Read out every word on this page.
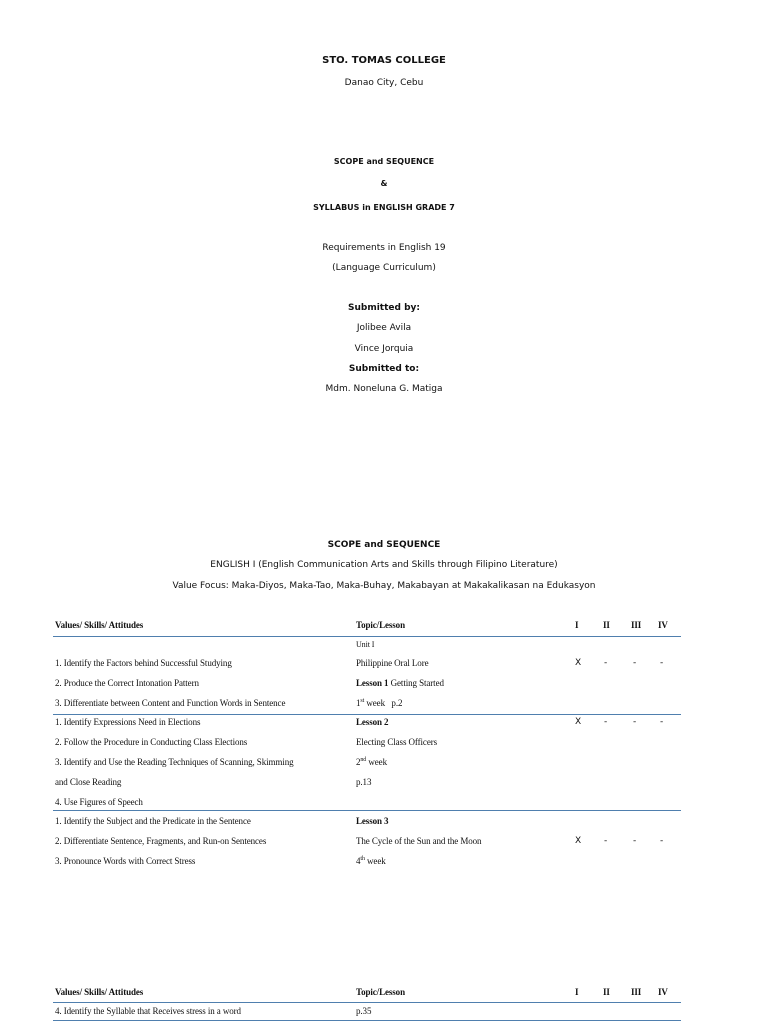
STO. TOMAS COLLEGE
Danao City, Cebu
SCOPE and SEQUENCE
&
SYLLABUS in ENGLISH GRADE 7
Requirements in English 19
(Language Curriculum)
Submitted by:
Jolibee Avila
Vince Jorquia
Submitted to:
Mdm. Noneluna G. Matiga
SCOPE and SEQUENCE
ENGLISH I (English Communication Arts and Skills through Filipino Literature)
Value Focus: Maka-Diyos, Maka-Tao, Maka-Buhay, Makabayan at Makakalikasan na Edukasyon
Values/ Skills/ Attitudes	Topic/Lesson	I	II III IV
Unit I
1. Identify the Factors behind Successful Studying	Philippine Oral Lore	X	-	-	-
2. Produce the Correct Intonation Pattern	Lesson 1 Getting Started
3. Differentiate between Content and Function Words in Sentence	1st week p.2
1. Identify Expressions Need in Elections	Lesson 2	X	-	-	-
2. Follow the Procedure in Conducting Class Elections	Electing Class Officers
3. Identify and Use the Reading Techniques of Scanning, Skimming	2nd week
and Close Reading	p.13
4. Use Figures of Speech
1. Identify the Subject and the Predicate in the Sentence	Lesson 3
2. Differentiate Sentence, Fragments, and Run-on Sentences	The Cycle of the Sun and the Moon	X	-	-	-
3. Pronounce Words with Correct Stress	4th week
Values/ Skills/ Attitudes	Topic/Lesson	I	II III IV
4. Identify the Syllable that Receives stress in a word	p.35
